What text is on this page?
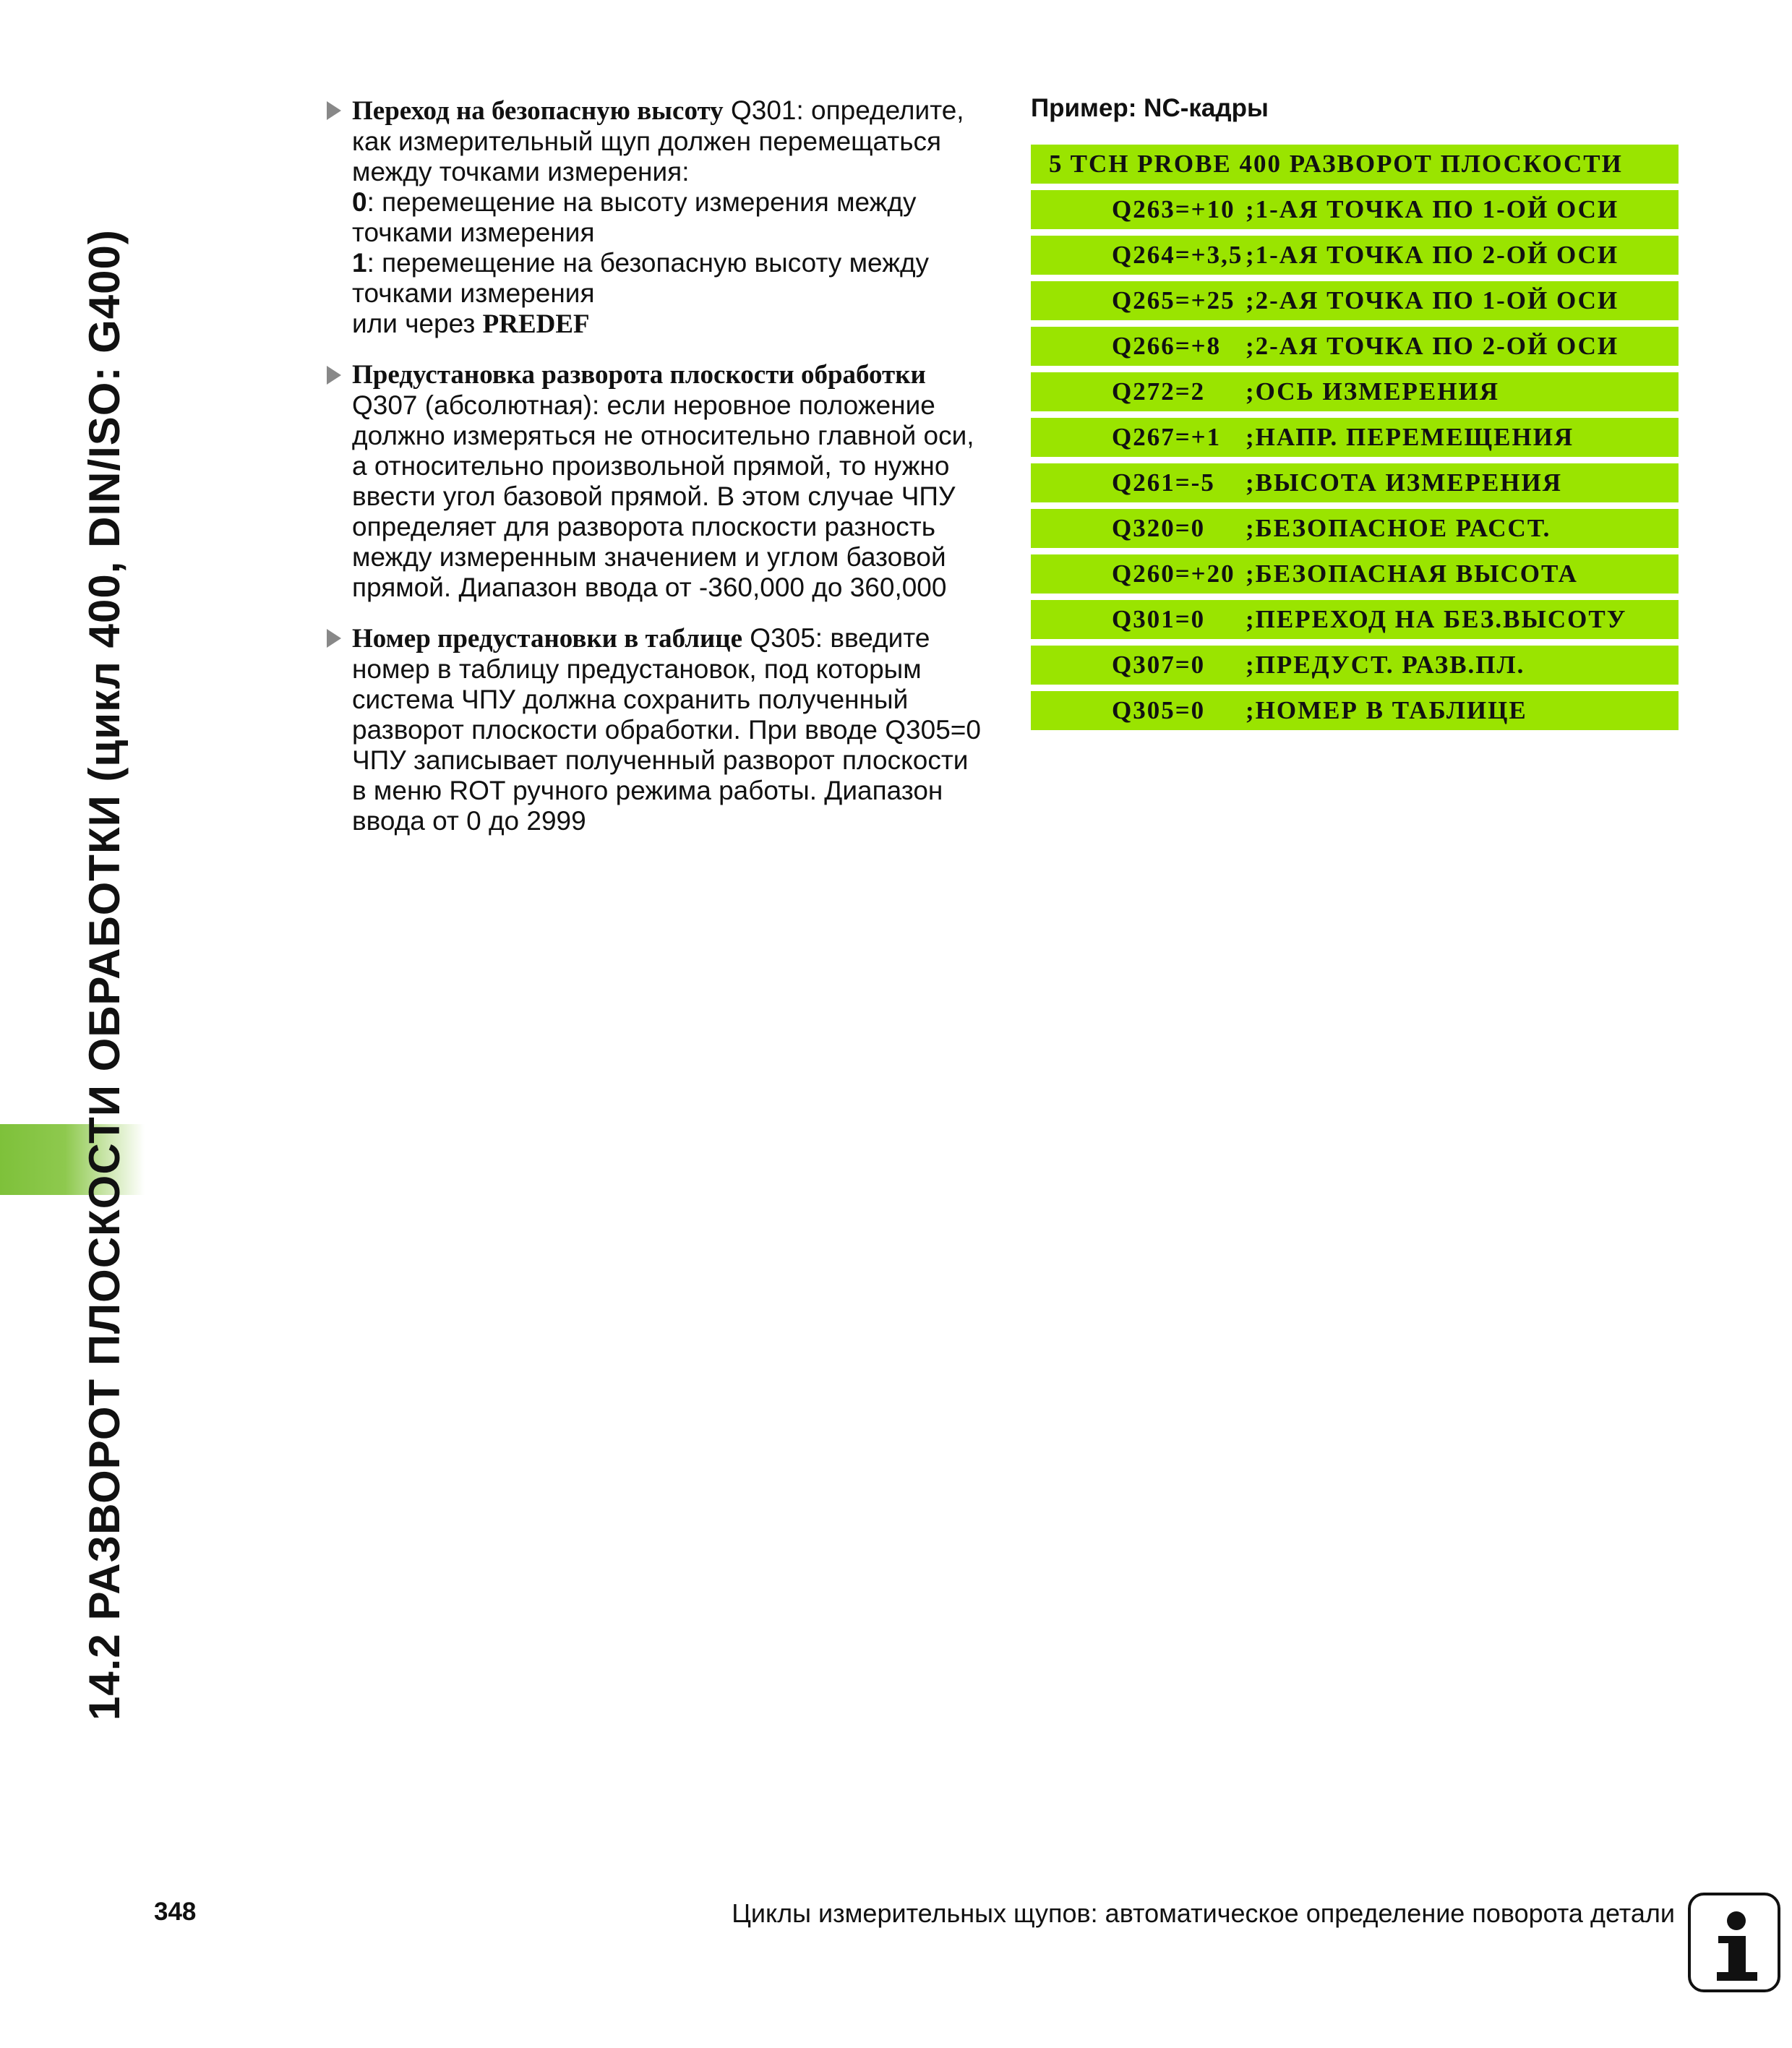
14.2 РАЗВОРОТ ПЛОСКОСТИ ОБРАБОТКИ (цикл 400, DIN/ISO: G400)
Переход на безопасную высоту Q301: определите,
как измерительный щуп должен перемещаться
между точками измерения:
0: перемещение на высоту измерения между
точками измерения
1: перемещение на безопасную высоту между
точками измерения
или через PREDEF
Предустановка разворота плоскости обработки
Q307 (абсолютная): если неровное положение
должно измеряться не относительно главной оси,
а относительно произвольной прямой, то нужно
ввести угол базовой прямой. В этом случае ЧПУ
определяет для разворота плоскости разность
между измеренным значением и углом базовой
прямой. Диапазон ввода от -360,000 до 360,000
Номер предустановки в таблице Q305: введите
номер в таблицу предустановок, под которым
система ЧПУ должна сохранить полученный
разворот плоскости обработки. При вводе Q305=0
ЧПУ записывает полученный разворот плоскости
в меню ROT ручного режима работы. Диапазон
ввода от 0 до 2999
Пример: NC-кадры
5 TCH PROBE 400 РАЗВОРОТ ПЛОСКОСТИ
Q263=+10 ;1-АЯ ТОЧКА ПО 1-ОЙ ОСИ
Q264=+3,5 ;1-АЯ ТОЧКА ПО 2-ОЙ ОСИ
Q265=+25 ;2-АЯ ТОЧКА ПО 1-ОЙ ОСИ
Q266=+8 ;2-АЯ ТОЧКА ПО 2-ОЙ ОСИ
Q272=2 ;ОСЬ ИЗМЕРЕНИЯ
Q267=+1 ;НАПР. ПЕРЕМЕЩЕНИЯ
Q261=-5 ;ВЫСОТА ИЗМЕРЕНИЯ
Q320=0 ;БЕЗОПАСНОЕ РАССТ.
Q260=+20 ;БЕЗОПАСНАЯ ВЫСОТА
Q301=0 ;ПЕРЕХОД НА БЕЗ.ВЫСОТУ
Q307=0 ;ПРЕДУСТ. РАЗВ.ПЛ.
Q305=0 ;НОМЕР В ТАБЛИЦЕ
348	Циклы измерительных щупов: автоматическое определение поворота детали
